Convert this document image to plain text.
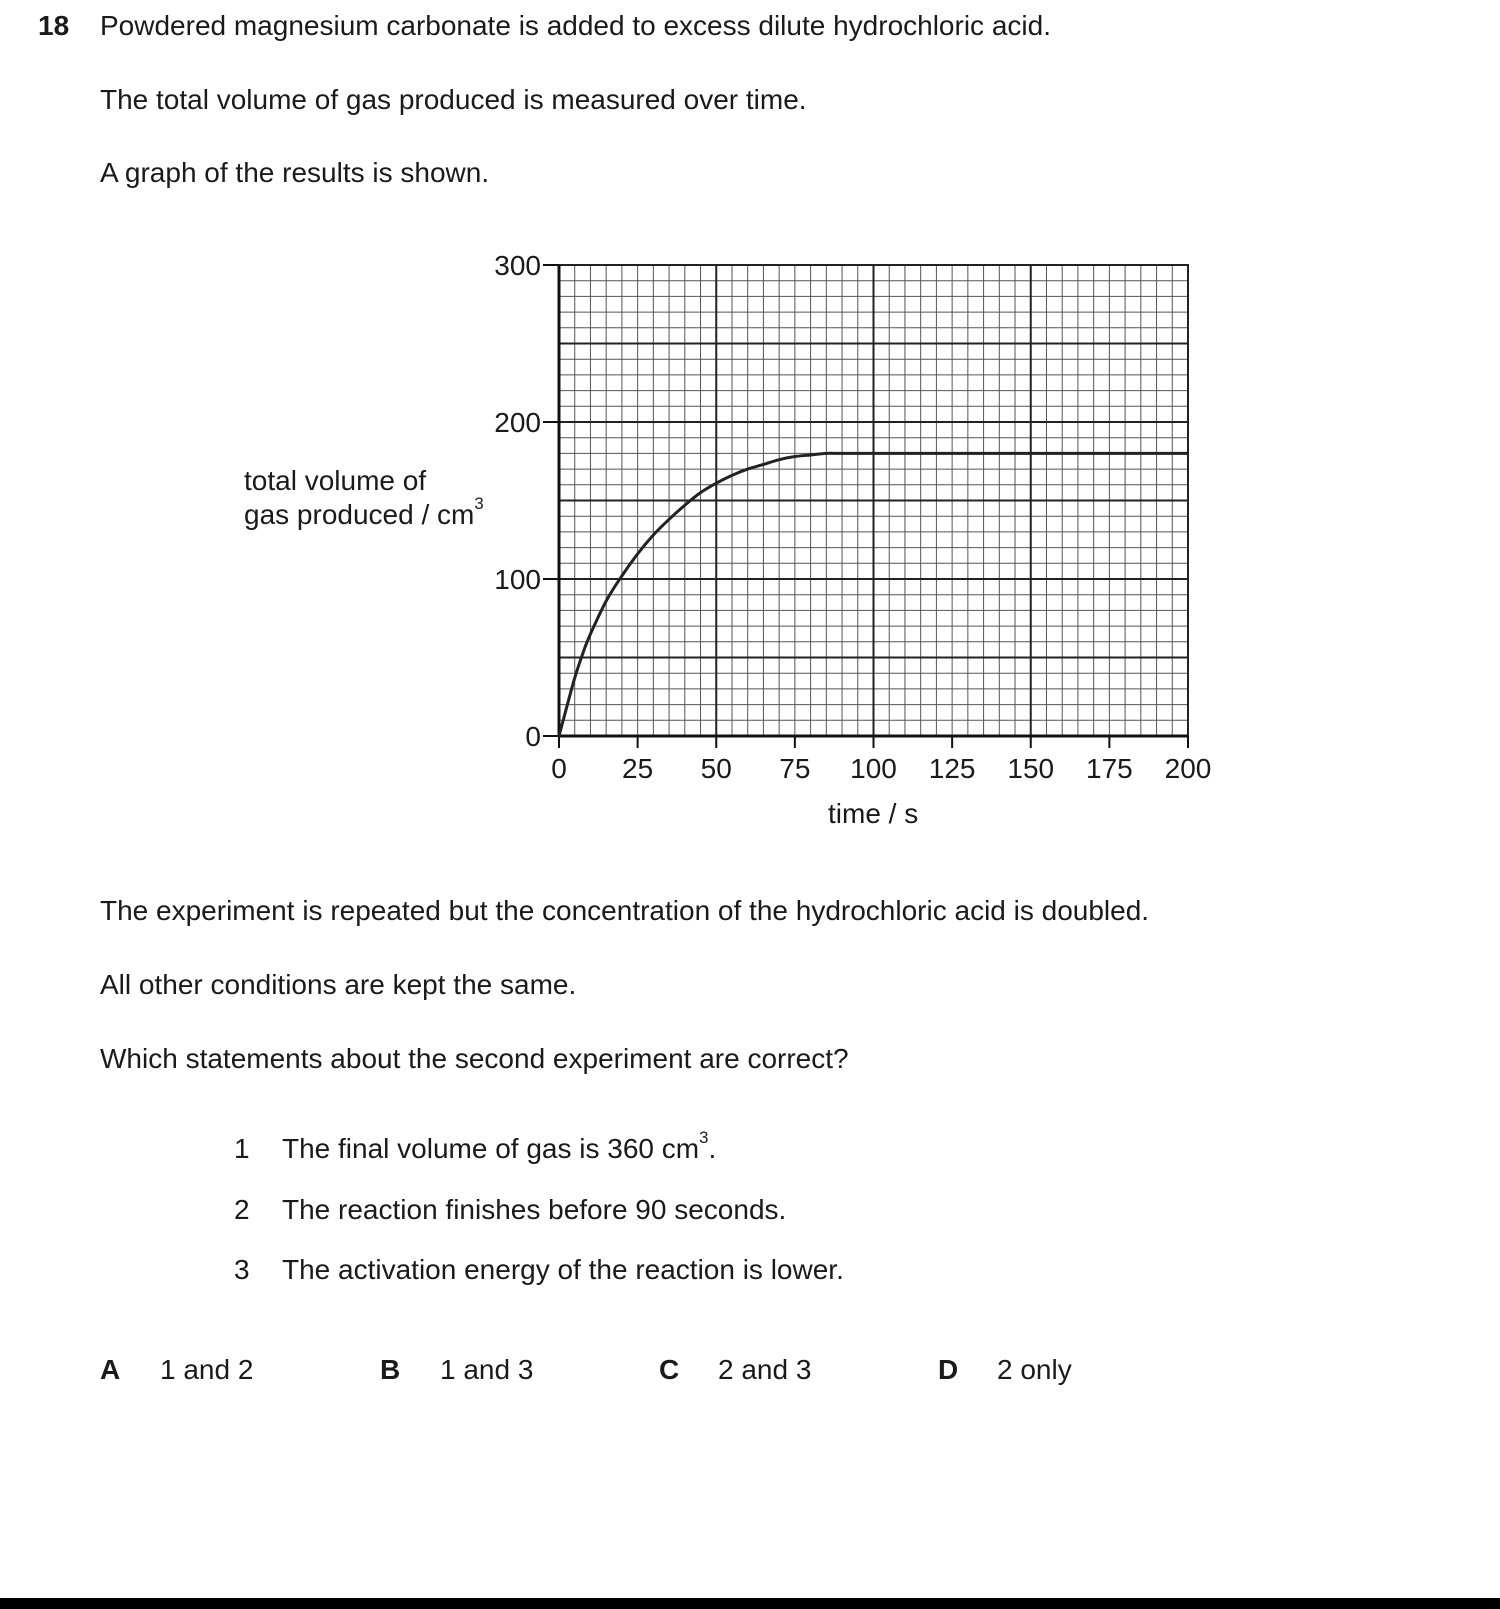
18 Powdered magnesium carbonate is added to excess dilute hydrochloric acid.
The total volume of gas produced is measured over time.
A graph of the results is shown.
0 25 50 75 100 125 150 175 200
0
100
200
300
total volume of
gas produced / $cm^3$
time / s
The experiment is repeated but the concentration of the hydrochloric acid is doubled.
All other conditions are kept the same.
Which statements about the second experiment are correct?
1 The final volume of gas is 360 $cm^3$.
2 The reaction finishes before 90 seconds.
3 The activation energy of the reaction is lower.
A 1 and 2	B 1 and 3	C 2 and 3	D 2 only
